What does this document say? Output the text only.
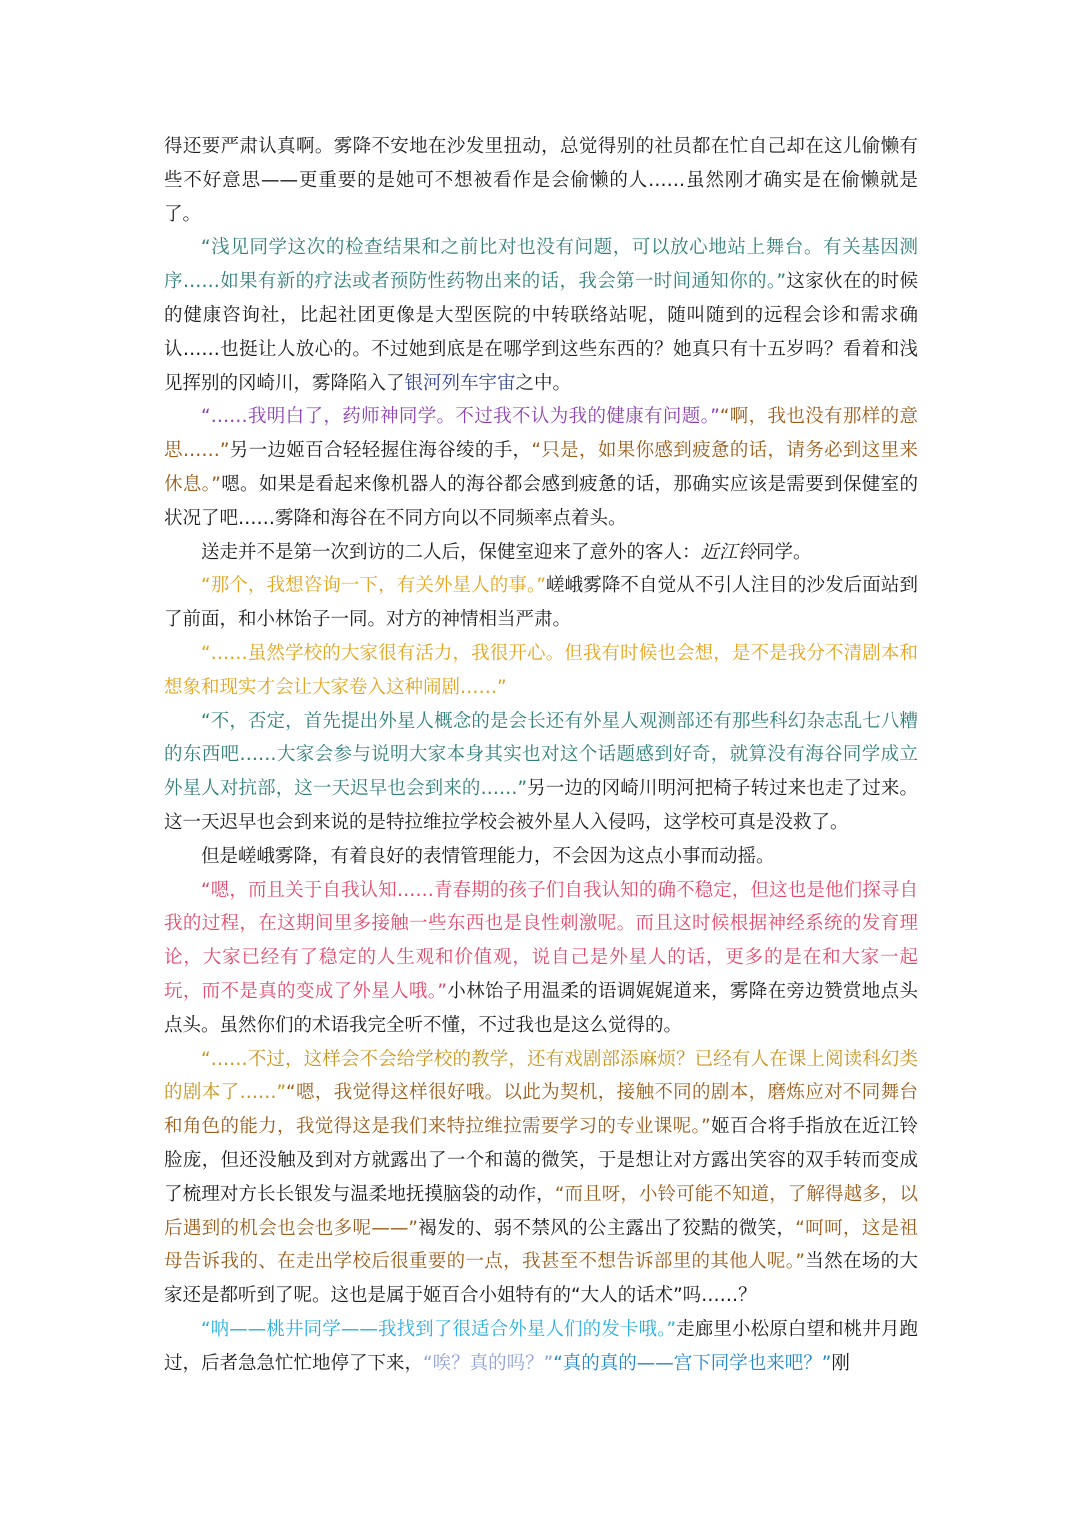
得还要严肃认真啊。雾降不安地在沙发里扭动，总觉得别的社员都在忙自己却在这儿偷懒有些不好意思——更重要的是她可不想被看作是会偷懒的人……虽然刚才确实是在偷懒就是了。

“浅见同学这次的检查结果和之前比对也没有问题，可以放心地站上舞台。有关基因测序……如果有新的疗法或者预防性药物出来的话，我会第一时间通知你的。”这家伙在的时候的健康咨询社，比起社团更像是大型医院的中转联络站呢，随叫随到的远程会诊和需求确认……也挺让人放心的。不过她到底是在哪学到这些东西的？她真只有十五岁吗？看着和浅见挥别的冈崎川，雾降陷入了银河列车宇宙之中。

“……我明白了，药师神同学。不过我不认为我的健康有问题。”“啊，我也没有那样的意思……”另一边姬百合轻轻握住海谷绫的手，“只是，如果你感到疲惫的话，请务必到这里来休息。”嗯。如果是看起来像机器人的海谷都会感到疲惫的话，那确实应该是需要到保健室的状况了吧……雾降和海谷在不同方向以不同频率点着头。

送走并不是第一次到访的二人后，保健室迎来了意外的客人：近江铃同学。

“那个，我想咨询一下，有关外星人的事。”嵯峨雾降不自觉从不引人注目的沙发后面站到了前面，和小林饴子一同。对方的神情相当严肃。

“……虽然学校的大家很有活力，我很开心。但我有时候也会想，是不是我分不清剧本和想象和现实才会让大家卷入这种闹剧……”

“不，否定，首先提出外星人概念的是会长还有外星人观测部还有那些科幻杂志乱七八糟的东西吧……大家会参与说明大家本身其实也对这个话题感到好奇，就算没有海谷同学成立外星人对抗部，这一天迟早也会到来的……”另一边的冈崎川明河把椅子转过来也走了过来。这一天迟早也会到来说的是特拉维拉学校会被外星人入侵吗，这学校可真是没救了。

但是嵯峨雾降，有着良好的表情管理能力，不会因为这点小事而动摇。

“嗯，而且关于自我认知……青春期的孩子们自我认知的确不稳定，但这也是他们探寻自我的过程，在这期间里多接触一些东西也是良性刺激呢。而且这时候根据神经系统的发育理论，大家已经有了稳定的人生观和价值观，说自己是外星人的话，更多的是在和大家一起玩，而不是真的变成了外星人哦。”小林饴子用温柔的语调娓娓道来，雾降在旁边赞赏地点头点头。虽然你们的术语我完全听不懂，不过我也是这么觉得的。

“……不过，这样会不会给学校的教学，还有戏剧部添麻烦？已经有人在课上阅读科幻类的剧本了……”“嗯，我觉得这样很好哦。以此为契机，接触不同的剧本，磨炼应对不同舞台和角色的能力，我觉得这是我们来特拉维拉需要学习的专业课呢。”姬百合将手指放在近江铃脸庞，但还没触及到对方就露出了一个和蔼的微笑，于是想让对方露出笑容的双手转而变成了梳理对方长长银发与温柔地抚摸脑袋的动作，“而且呀，小铃可能不知道，了解得越多，以后遇到的机会也会也多呢——”褐发的、弱不禁风的公主露出了狡黠的微笑，“呵呵，这是祖母告诉我的、在走出学校后很重要的一点，我甚至不想告诉部里的其他人呢。”当然在场的大家还是都听到了呢。这也是属于姬百合小姐特有的“大人的话术”吗……？

“呐——桃井同学——我找到了很适合外星人们的发卡哦。”走廊里小松原白望和桃井月跑过，后者急急忙忙地停了下来，“唉？真的吗？”“真的真的——宫下同学也来吧？”刚
